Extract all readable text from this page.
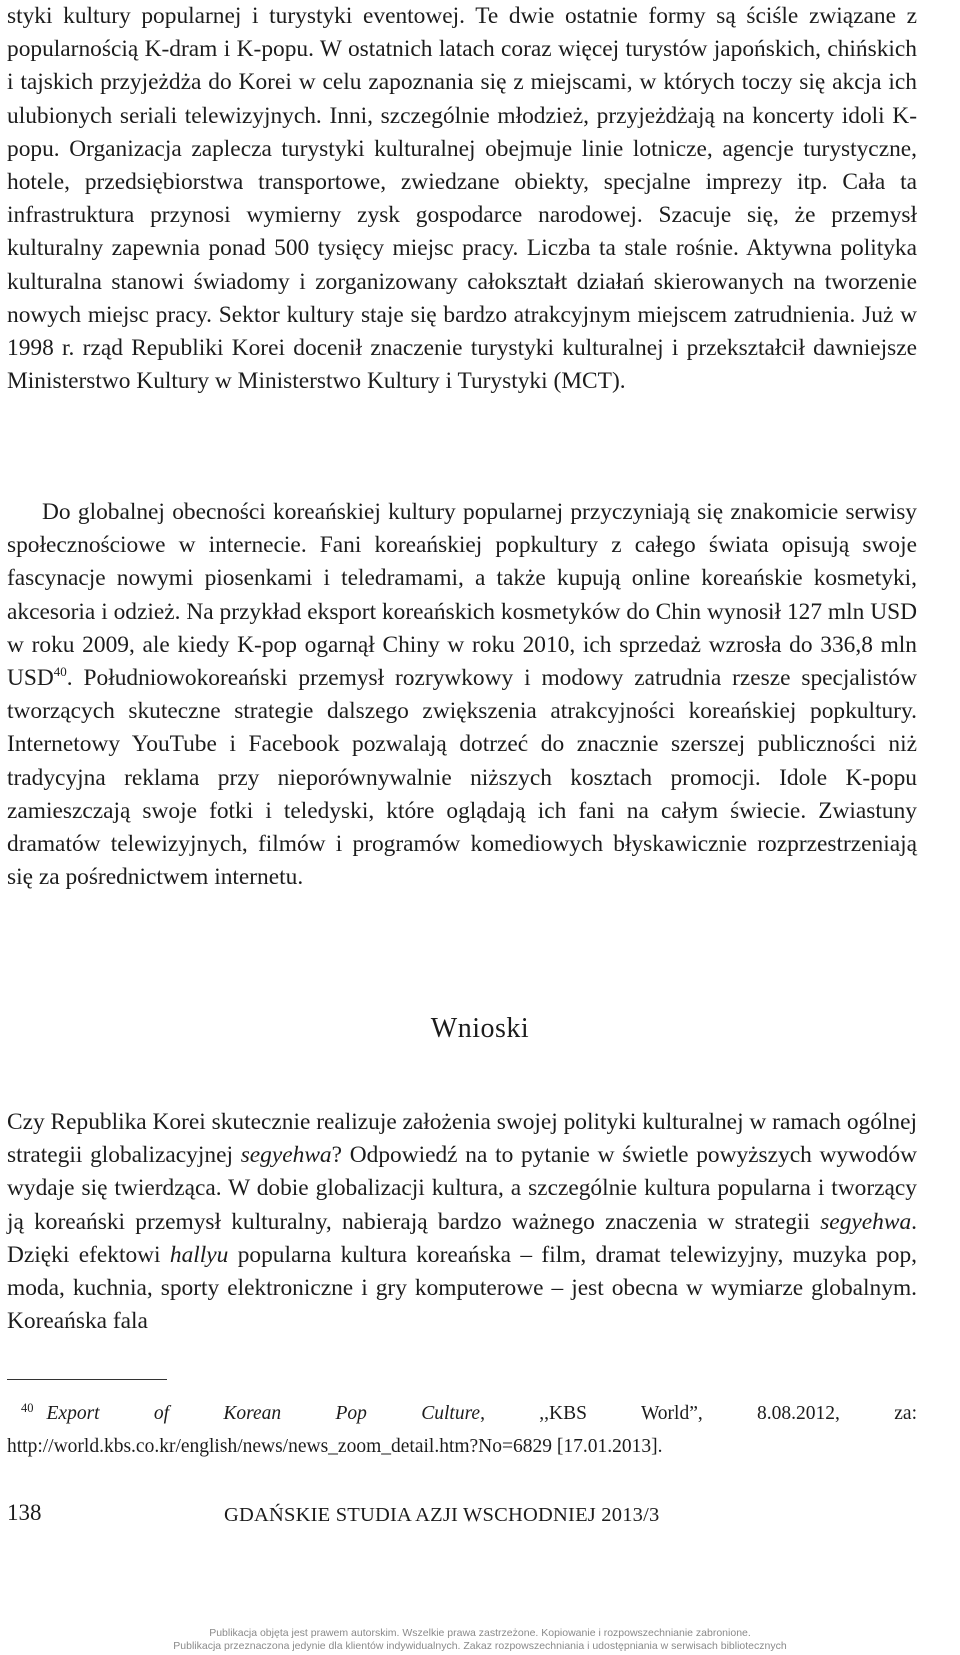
styki kultury popularnej i turystyki eventowej. Te dwie ostatnie formy są ściśle związane z popularnością K-dram i K-popu. W ostatnich latach coraz więcej turystów japońskich, chińskich i tajskich przyjeżdża do Korei w celu zapoznania się z miejscami, w których toczy się akcja ich ulubionych seriali telewizyjnych. Inni, szczególnie młodzież, przyjeżdżają na koncerty idoli K-popu. Organizacja zaplecza turystyki kulturalnej obejmuje linie lotnicze, agencje turystyczne, hotele, przedsiębiorstwa transportowe, zwiedzane obiekty, specjalne imprezy itp. Cała ta infrastruktura przynosi wymierny zysk gospodarce narodowej. Szacuje się, że przemysł kulturalny zapewnia ponad 500 tysięcy miejsc pracy. Liczba ta stale rośnie. Aktywna polityka kulturalna stanowi świadomy i zorganizowany całokształt działań skierowanych na tworzenie nowych miejsc pracy. Sektor kultury staje się bardzo atrakcyjnym miejscem zatrudnienia. Już w 1998 r. rząd Republiki Korei docenił znaczenie turystyki kulturalnej i przekształcił dawniejsze Ministerstwo Kultury w Ministerstwo Kultury i Turystyki (MCT).

Do globalnej obecności koreańskiej kultury popularnej przyczyniają się znakomicie serwisy społecznościowe w internecie. Fani koreańskiej popkultury z całego świata opisują swoje fascynacje nowymi piosenkami i teledramami, a także kupują online koreańskie kosmetyki, akcesoria i odzież. Na przykład eksport koreańskich kosmetyków do Chin wynosił 127 mln USD w roku 2009, ale kiedy K-pop ogarnął Chiny w roku 2010, ich sprzedaż wzrosła do 336,8 mln USD$^{40}$. Południowokoreański przemysł rozrywkowy i modowy zatrudnia rzesze specjalistów tworzących skuteczne strategie dalszego zwiększenia atrakcyjności koreańskiej popkultury. Internetowy YouTube i Facebook pozwalają dotrzeć do znacznie szerszej publiczności niż tradycyjna reklama przy nieporównywalnie niższych kosztach promocji. Idole K-popu zamieszczają swoje fotki i teledyski, które oglądają ich fani na całym świecie. Zwiastuny dramatów telewizyjnych, filmów i programów komediowych błyskawicznie rozprzestrzeniają się za pośrednictwem internetu.

Wnioski

Czy Republika Korei skutecznie realizuje założenia swojej polityki kulturalnej w ramach ogólnej strategii globalizacyjnej segyehwa? Odpowiedź na to pytanie w świetle powyższych wywodów wydaje się twierdząca. W dobie globalizacji kultura, a szczególnie kultura popularna i tworzący ją koreański przemysł kulturalny, nabierają bardzo ważnego znaczenia w strategii segyehwa. Dzięki efektowi hallyu popularna kultura koreańska – film, dramat telewizyjny, muzyka pop, moda, kuchnia, sporty elektroniczne i gry komputerowe – jest obecna w wymiarze globalnym. Koreańska fala

$^{40}$ Export of Korean Pop Culture, ,,KBS World”, 8.08.2012, za: http://world.kbs.co.kr/english/news/news_zoom_detail.htm?No=6829 [17.01.2013].

138	GDAŃSKIE STUDIA AZJI WSCHODNIEJ 2013/3

Publikacja objęta jest prawem autorskim. Wszelkie prawa zastrzeżone. Kopiowanie i rozpowszechnianie zabronione.

Publikacja przeznaczona jedynie dla klientów indywidualnych. Zakaz rozpowszechniania i udostępniania w serwisach bibliotecznych
